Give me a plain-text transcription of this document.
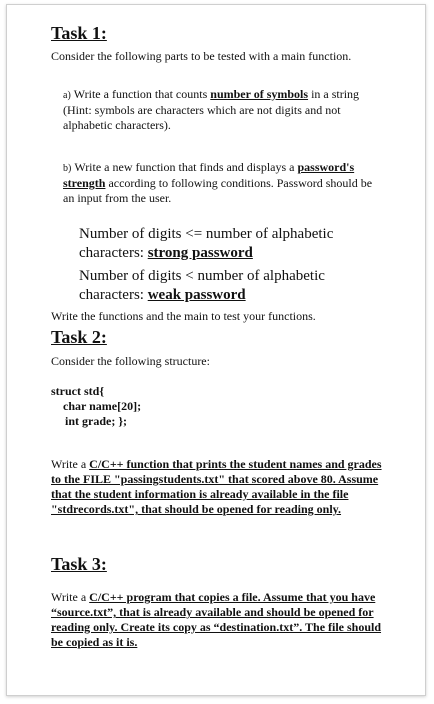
Task 1:

Consider the following parts to be tested with a main function.

a) Write a function that counts number of symbols in a string (Hint: symbols are characters which are not digits and not alphabetic characters).

b) Write a new function that finds and displays a password's strength according to following conditions. Password should be an input from the user.

Number of digits <= number of alphabetic characters: strong password

Number of digits < number of alphabetic characters: weak password

Write the functions and the main to test your functions.

Task 2:

Consider the following structure:

struct std{
char name[20];
int grade; };

Write a C/C++ function that prints the student names and grades to the FILE "passingstudents.txt" that scored above 80. Assume that the student information is already available in the file "stdrecords.txt", that should be opened for reading only.

Task 3:

Write a C/C++ program that copies a file. Assume that you have “source.txt”, that is already available and should be opened for reading only. Create its copy as “destination.txt”. The file should be copied as it is.
